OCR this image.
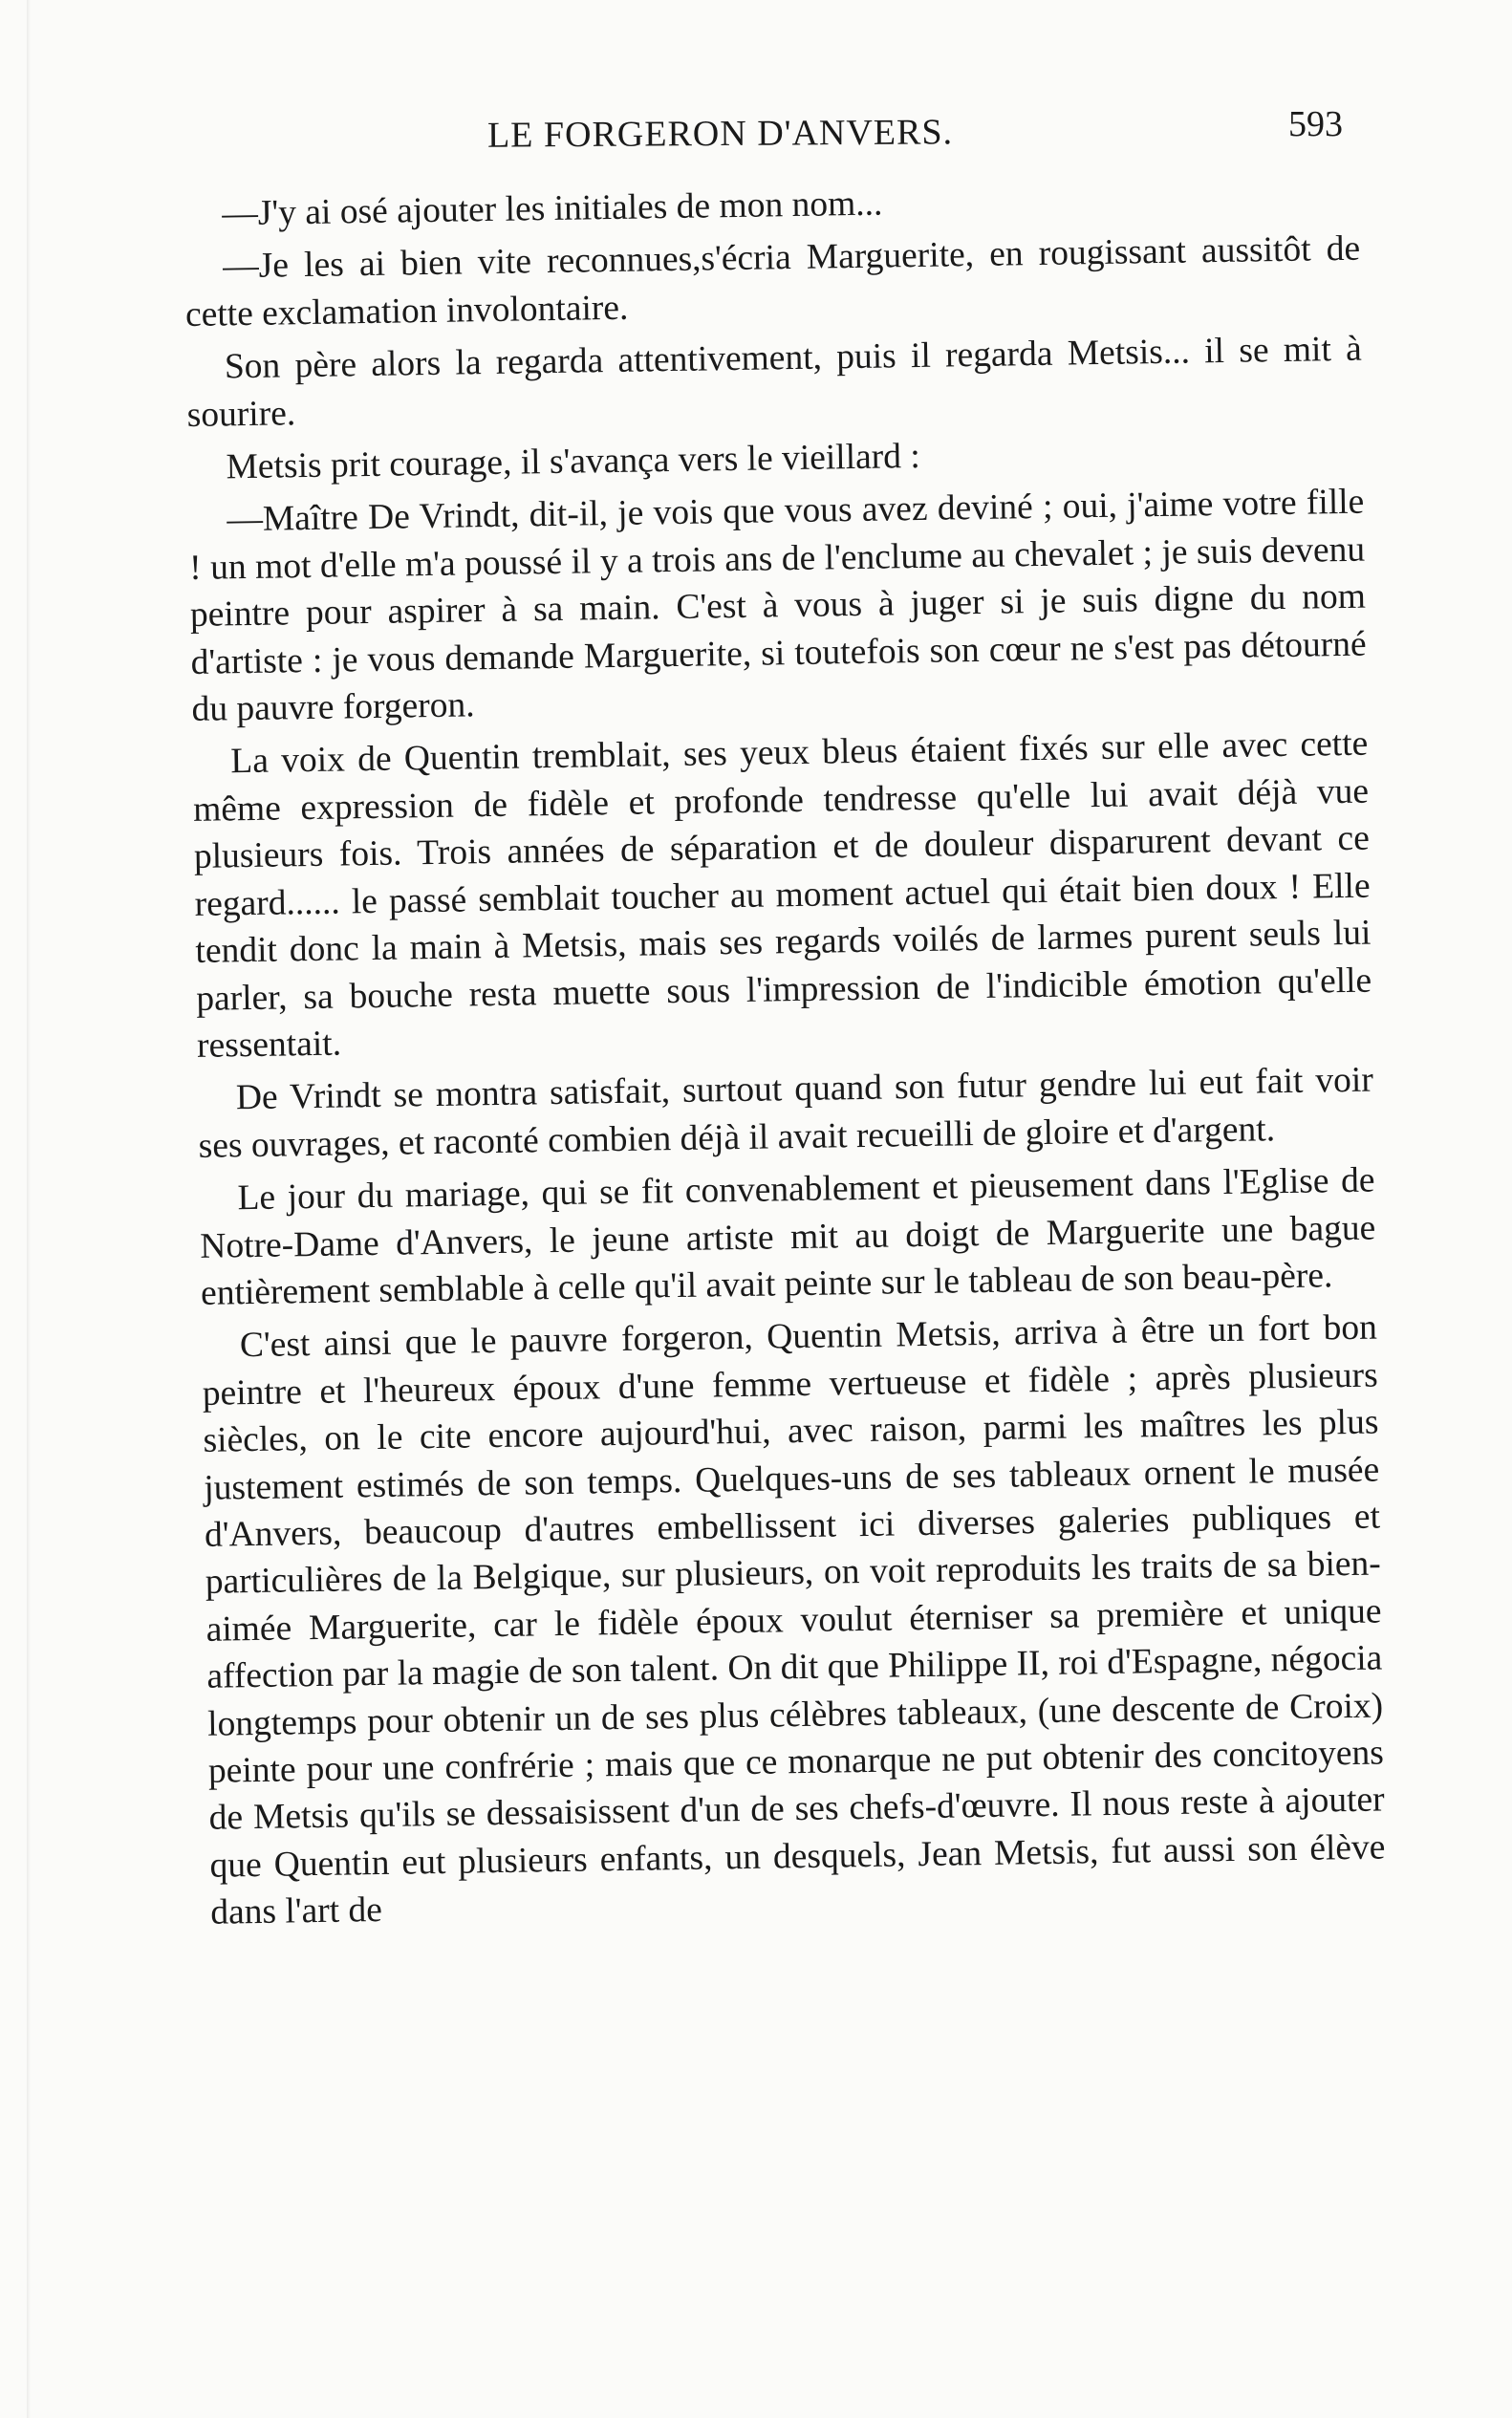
LE FORGERON D'ANVERS.	593

—J'y ai osé ajouter les initiales de mon nom...

—Je les ai bien vite reconnues,s'écria Marguerite, en rougissant aussitôt de cette exclamation involontaire.

Son père alors la regarda attentivement, puis il regarda Metsis... il se mit à sourire.

Metsis prit courage, il s'avança vers le vieillard :

—Maître De Vrindt, dit-il, je vois que vous avez deviné ; oui, j'aime votre fille ! un mot d'elle m'a poussé il y a trois ans de l'enclume au chevalet ; je suis devenu peintre pour aspirer à sa main. C'est à vous à juger si je suis digne du nom d'artiste : je vous demande Marguerite, si toutefois son cœur ne s'est pas détourné du pauvre forgeron.

La voix de Quentin tremblait, ses yeux bleus étaient fixés sur elle avec cette même expression de fidèle et profonde tendresse qu'elle lui avait déjà vue plusieurs fois. Trois années de séparation et de douleur disparurent devant ce regard...... le passé semblait toucher au moment actuel qui était bien doux ! Elle tendit donc la main à Metsis, mais ses regards voilés de larmes purent seuls lui parler, sa bouche resta muette sous l'impression de l'indicible émotion qu'elle ressentait.

De Vrindt se montra satisfait, surtout quand son futur gendre lui eut fait voir ses ouvrages, et raconté combien déjà il avait recueilli de gloire et d'argent.

Le jour du mariage, qui se fit convenablement et pieusement dans l'Eglise de Notre-Dame d'Anvers, le jeune artiste mit au doigt de Marguerite une bague entièrement semblable à celle qu'il avait peinte sur le tableau de son beau-père.

C'est ainsi que le pauvre forgeron, Quentin Metsis, arriva à être un fort bon peintre et l'heureux époux d'une femme vertueuse et fidèle ; après plusieurs siècles, on le cite encore aujourd'hui, avec raison, parmi les maîtres les plus justement estimés de son temps. Quelques-uns de ses tableaux ornent le musée d'Anvers, beaucoup d'autres embellissent ici diverses galeries publiques et particulières de la Belgique, sur plusieurs, on voit reproduits les traits de sa bien-aimée Marguerite, car le fidèle époux voulut éterniser sa première et unique affection par la magie de son talent. On dit que Philippe II, roi d'Espagne, négocia longtemps pour obtenir un de ses plus célèbres tableaux, (une descente de Croix) peinte pour une confrérie ; mais que ce monarque ne put obtenir des concitoyens de Metsis qu'ils se dessaisissent d'un de ses chefs-d'œuvre. Il nous reste à ajouter que Quentin eut plusieurs enfants, un desquels, Jean Metsis, fut aussi son élève dans l'art de
